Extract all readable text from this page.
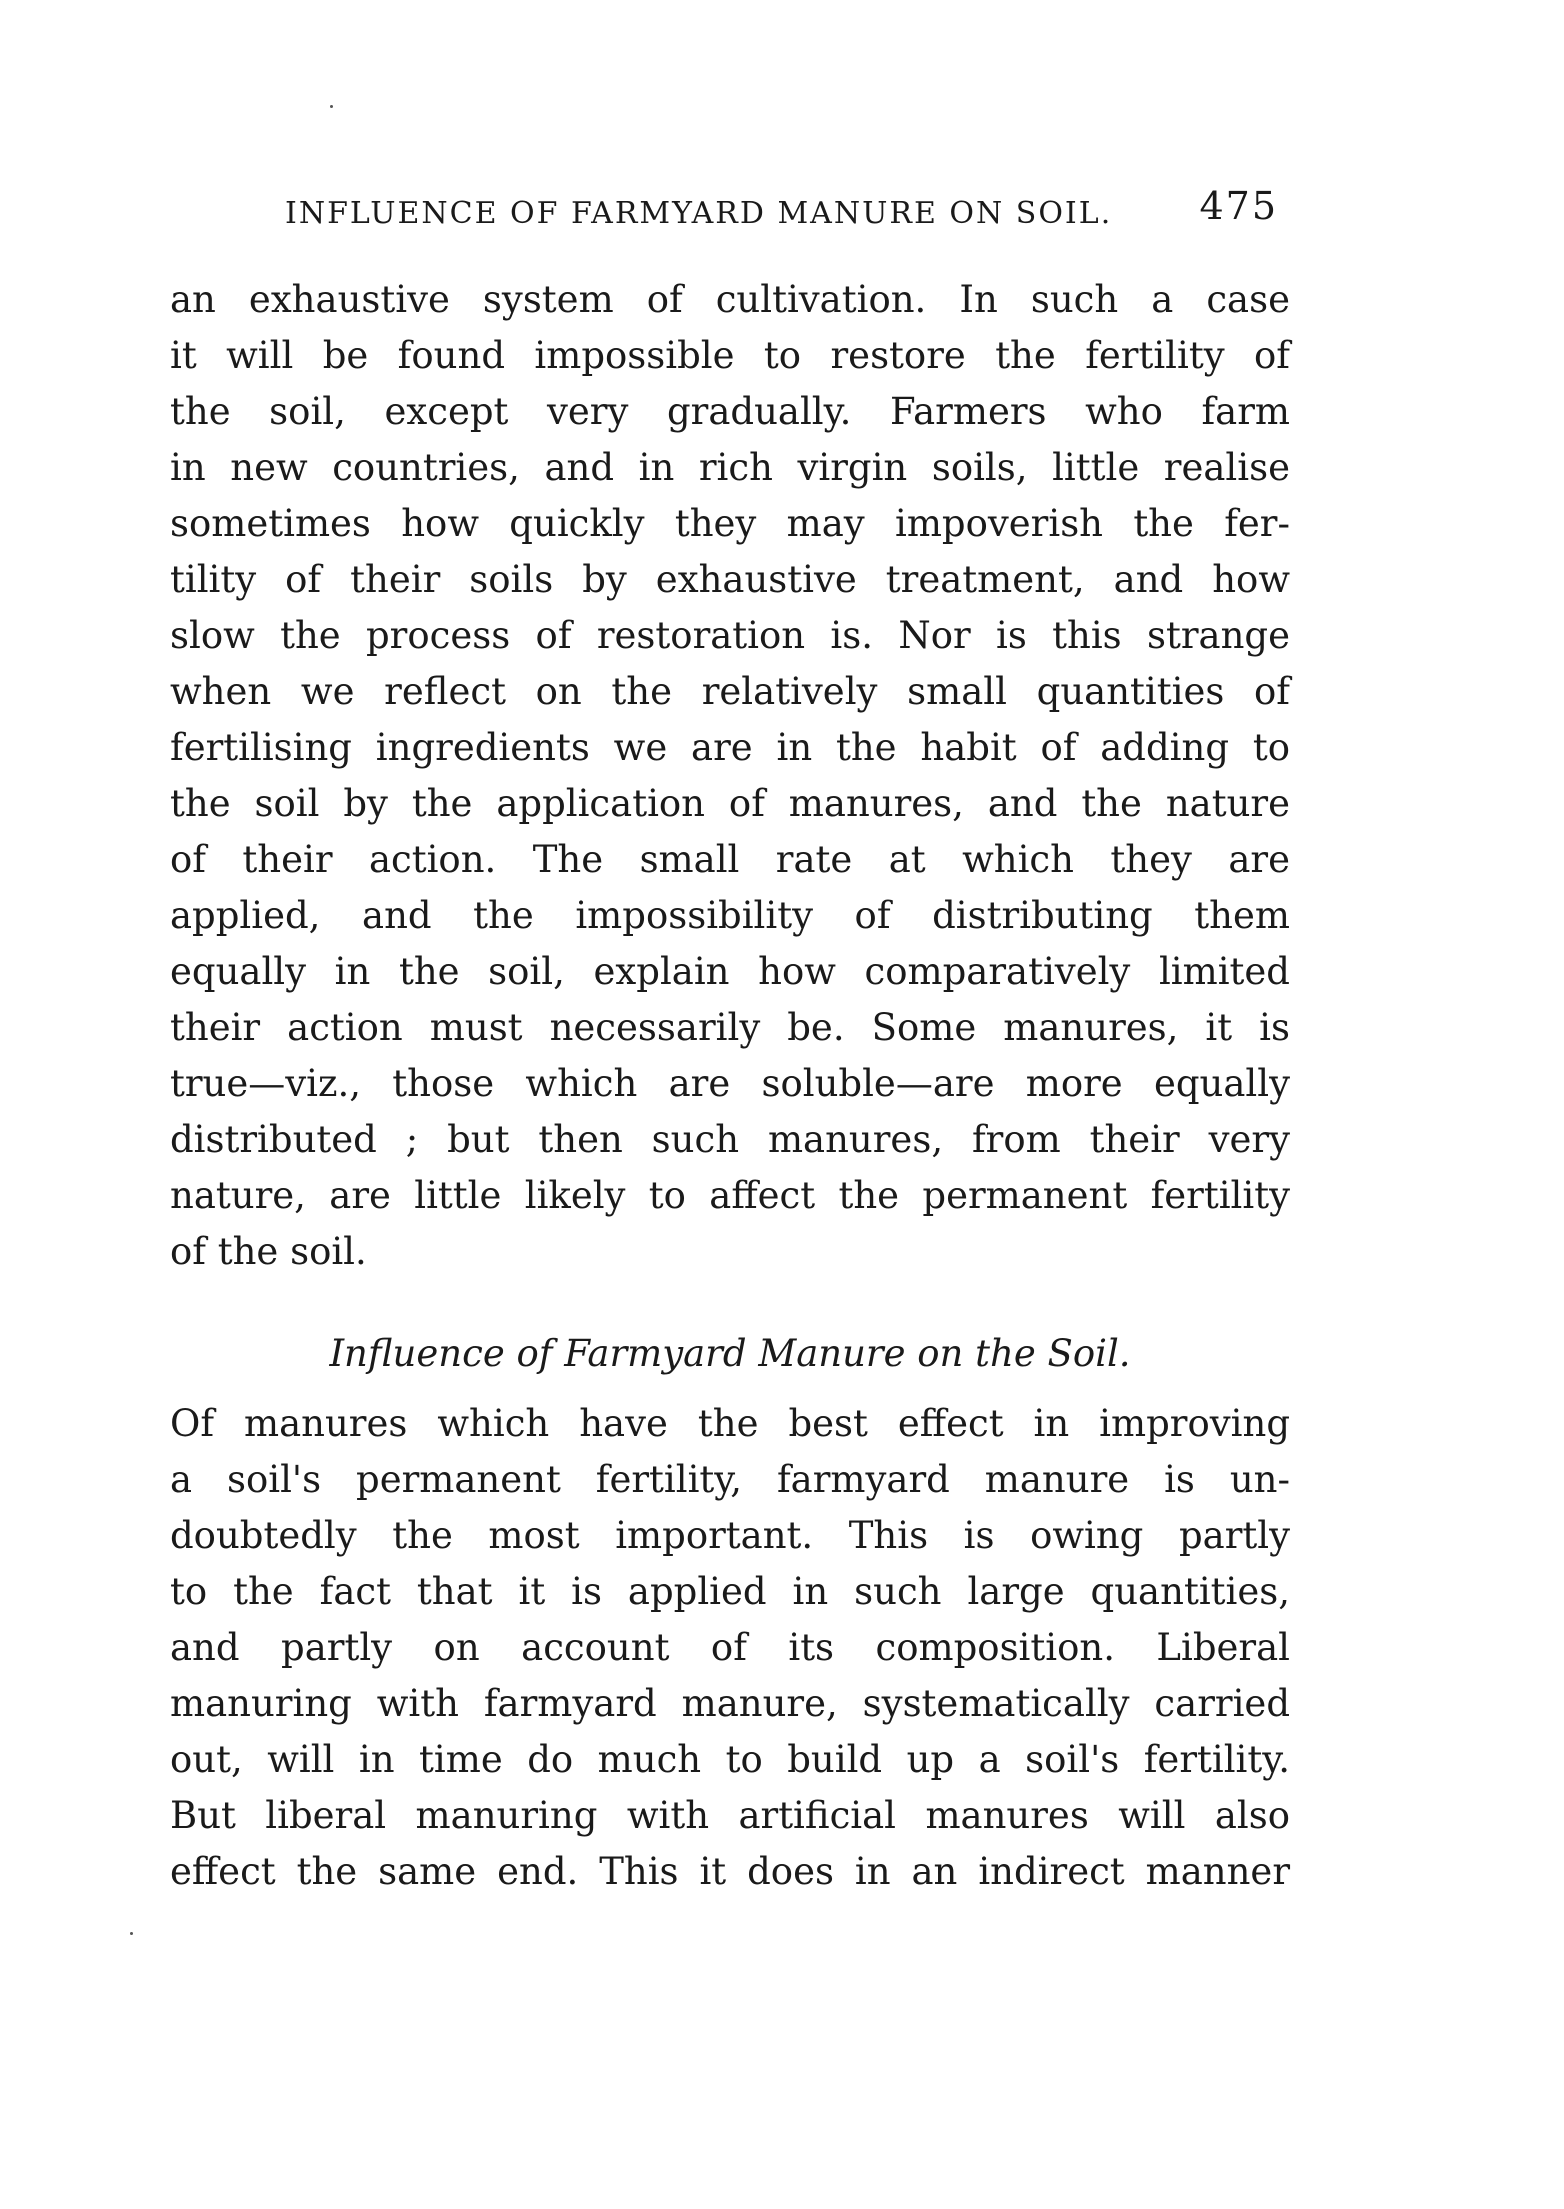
INFLUENCE OF FARMYARD MANURE ON SOIL. 475
an exhaustive system of cultivation. In such a case
it will be found impossible to restore the fertility of
the soil, except very gradually. Farmers who farm
in new countries, and in rich virgin soils, little realise
sometimes how quickly they may impoverish the fer-
tility of their soils by exhaustive treatment, and how
slow the process of restoration is. Nor is this strange
when we reflect on the relatively small quantities of
fertilising ingredients we are in the habit of adding to
the soil by the application of manures, and the nature
of their action. The small rate at which they are
applied, and the impossibility of distributing them
equally in the soil, explain how comparatively limited
their action must necessarily be. Some manures, it is
true—viz., those which are soluble—are more equally
distributed ; but then such manures, from their very
nature, are little likely to affect the permanent fertility
of the soil.
Influence of Farmyard Manure on the Soil.
Of manures which have the best effect in improving
a soil's permanent fertility, farmyard manure is un-
doubtedly the most important. This is owing partly
to the fact that it is applied in such large quantities,
and partly on account of its composition. Liberal
manuring with farmyard manure, systematically carried
out, will in time do much to build up a soil's fertility.
But liberal manuring with artificial manures will also
effect the same end. This it does in an indirect manner
